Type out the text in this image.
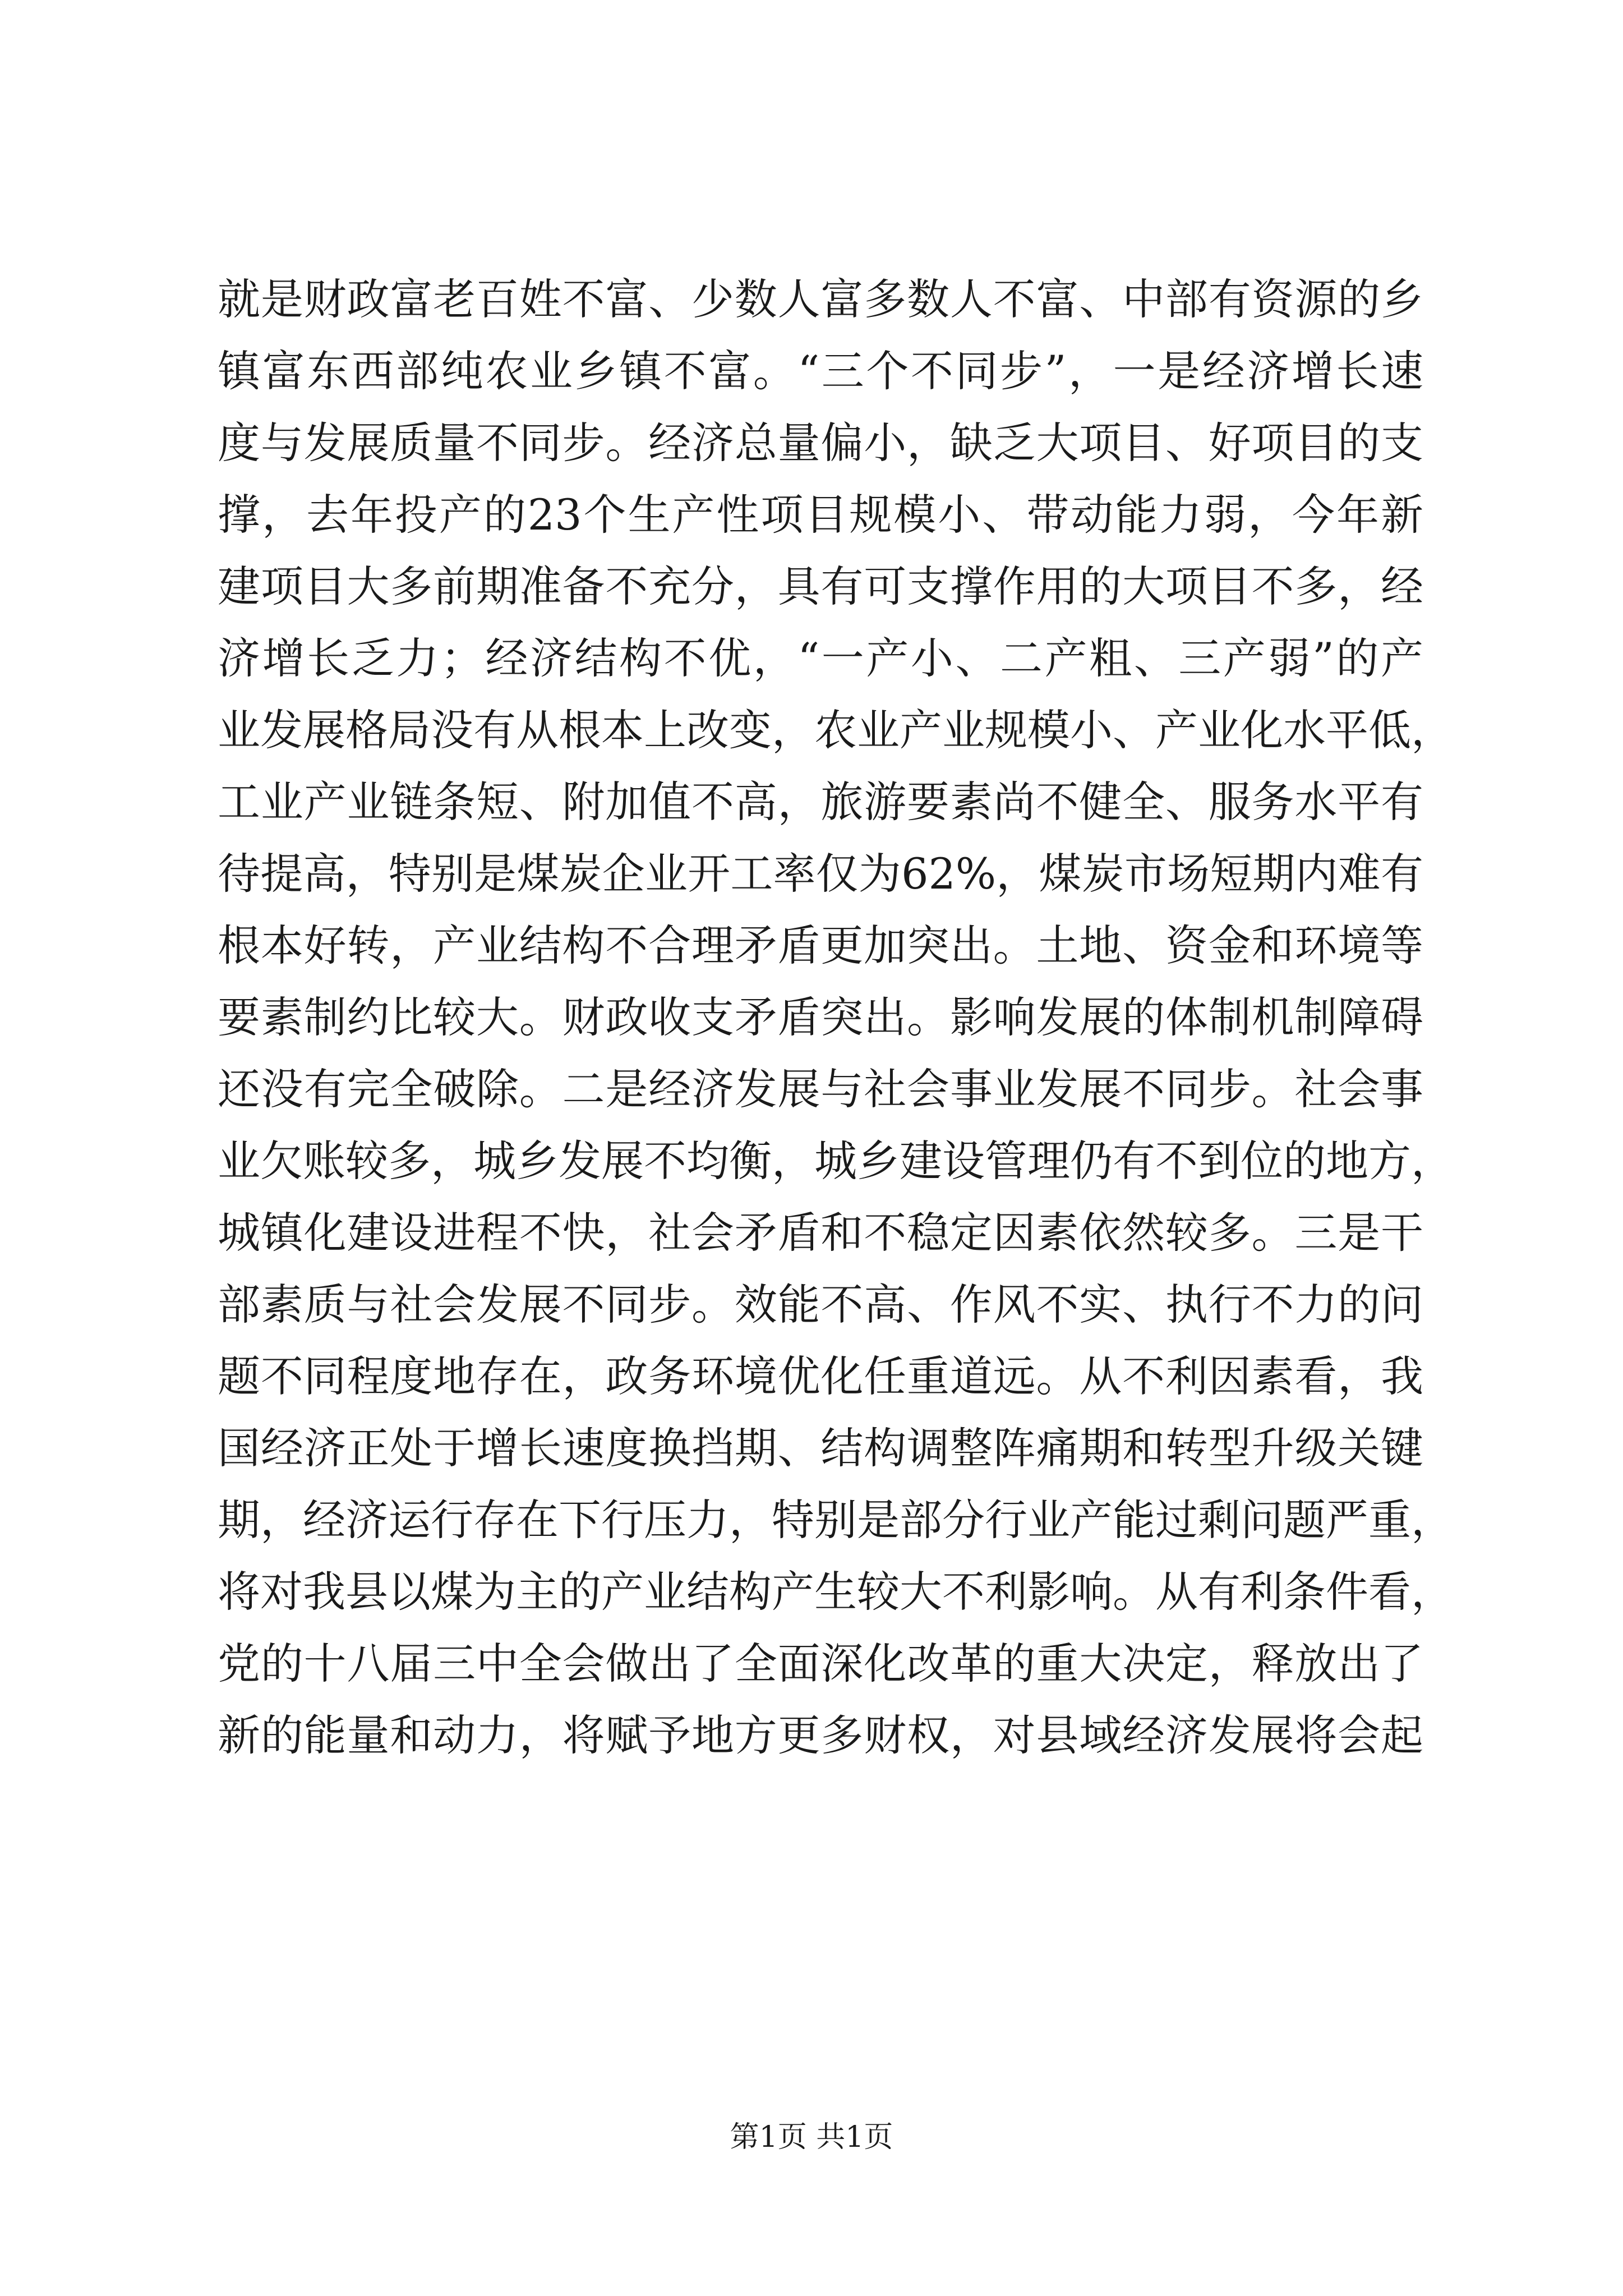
就是财政富老百姓不富、少数人富多数人不富、中部有资源的乡
镇富东西部纯农业乡镇不富。“三个不同步”，一是经济增长速
度与发展质量不同步。经济总量偏小，缺乏大项目、好项目的支
撑，去年投产的23个生产性项目规模小、带动能力弱，今年新
建项目大多前期准备不充分，具有可支撑作用的大项目不多，经
济增长乏力；经济结构不优，“一产小、二产粗、三产弱”的产
业发展格局没有从根本上改变，农业产业规模小、产业化水平低，
工业产业链条短、附加值不高，旅游要素尚不健全、服务水平有
待提高，特别是煤炭企业开工率仅为62%，煤炭市场短期内难有
根本好转，产业结构不合理矛盾更加突出。土地、资金和环境等
要素制约比较大。财政收支矛盾突出。影响发展的体制机制障碍
还没有完全破除。二是经济发展与社会事业发展不同步。社会事
业欠账较多，城乡发展不均衡，城乡建设管理仍有不到位的地方，
城镇化建设进程不快，社会矛盾和不稳定因素依然较多。三是干
部素质与社会发展不同步。效能不高、作风不实、执行不力的问
题不同程度地存在，政务环境优化任重道远。从不利因素看，我
国经济正处于增长速度换挡期、结构调整阵痛期和转型升级关键
期，经济运行存在下行压力，特别是部分行业产能过剩问题严重，
将对我县以煤为主的产业结构产生较大不利影响。从有利条件看，
党的十八届三中全会做出了全面深化改革的重大决定，释放出了
新的能量和动力，将赋予地方更多财权，对县域经济发展将会起
第1页 共1页
